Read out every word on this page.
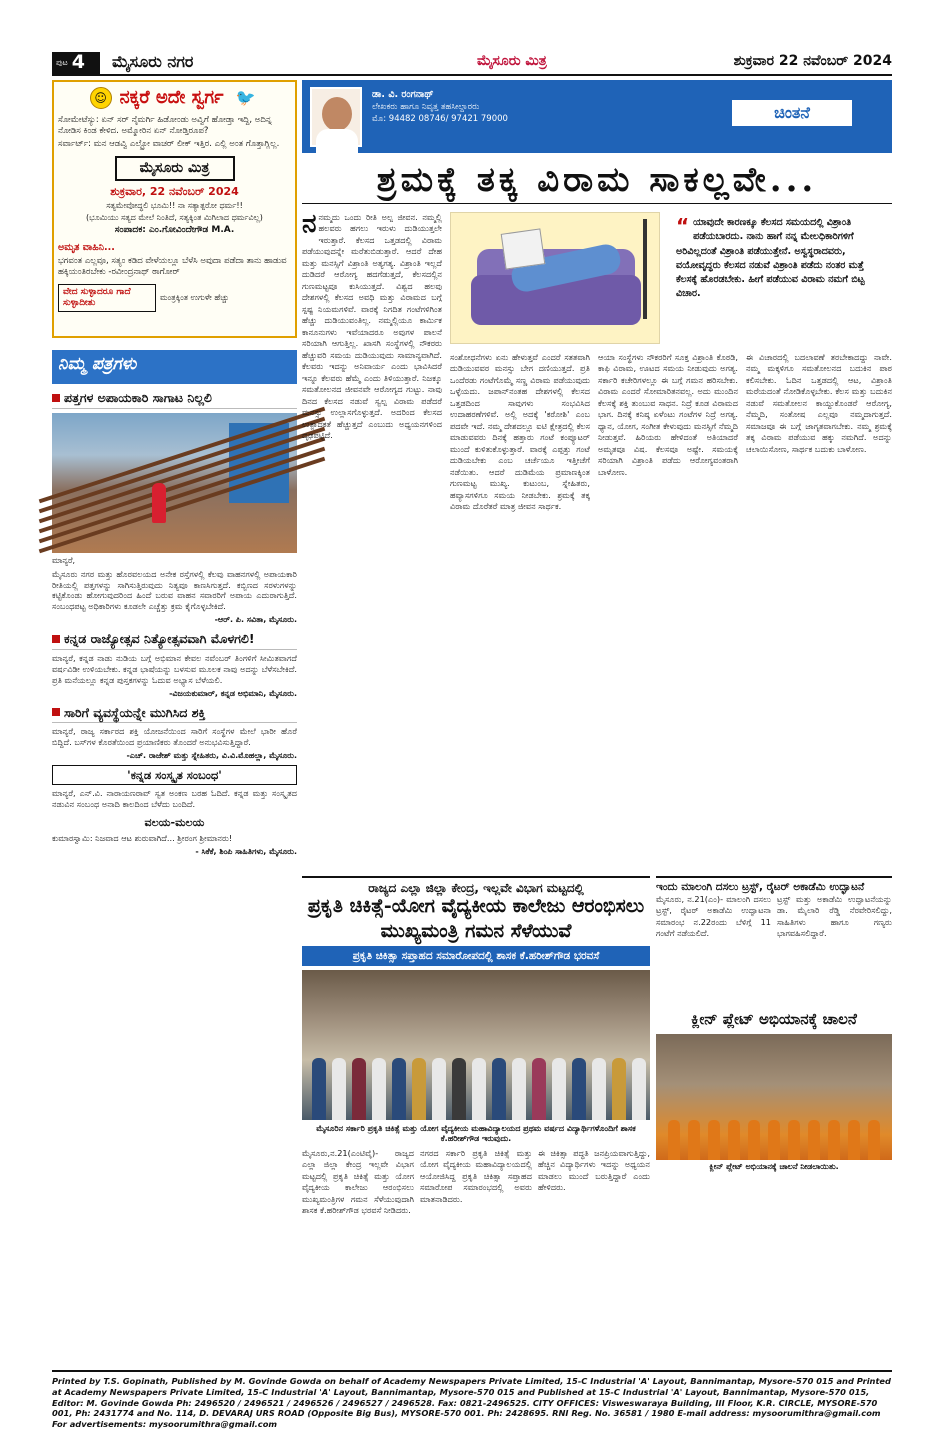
ಪುಟ 4 ಮೈಸೂರು ನಗರ	ಮೈಸೂರು ಮಿತ್ರ	ಶುಕ್ರವಾರ 22 ನವೆಂಬರ್ 2024
☺ ನಕ್ಕರೆ ಅದೇ ಸ್ವರ್ಗ 🐦
ಸೋಮೇಟೆಸ್ಯು: ಏನ್ ಸರ್ ನೈಮರ್ಗಿ ಹಿಡೋಂಡು ಅವ್ವಿಗೆ ಹೋಡ್ತಾ ಇದ್ದಿ, ಅದಿನ್ನ ನೋಡಿಸ ಕಿಂಡ ಕೇಳಿದ. ಅಮ್ಮೋರಿನ ಏನ್ ನೋಡ್ತಿರೂಪ?
ಸರ್ವಾರ್ಟ್‌: ಮನ ಆಡವ್ವಿ ಎಲ್ಟ್ರೋ ವಾಚರ್ ಲೀಕ್ ಇತ್ತಿರ. ಎಲ್ಲಿ ಅಂತ ಗೊತ್ತಾಗ್ಲಿಲ್ಲ.
ಮೈಸೂರು ಮಿತ್ರ
ಶುಕ್ರವಾರ, 22 ನವೆಂಬರ್ 2024
ಸತ್ಯಮೇವೋದ್ಧಲಿ ಭೂಮಿ!! ನಾ ಸತ್ಯಾತ್ಪರೋ ಧರ್ಮ!!
(ಭೂಮಿಯು ಸತ್ಯದ ಮೇಲೆ ನಿಂತಿದೆ, ಸತ್ಯಕ್ಕಿಂತ ಮಿಗಿಲಾದ ಧರ್ಮವಿಲ್ಲ)
ಸಂಪಾದಕ: ಎಂ.ಗೋವಿಂದೇಗೌಡ M.A.
ಅಮೃತ ವಾಹಿನಿ...
ಭಗವಂತ ಎಲ್ಲವೂ, ಸತ್ಯಂ ಕಡಿದ ವೇಳೆಯಲ್ಲೂ ಬೆಳೆಸಿ ಅವುದಾ ಪಡೆದಾ ತಾನು ಹಾಡುವ ಹಕ್ಕಿಯಂತಿರಬೇಕು -ರವೀಂದ್ರನಾಥ್ ಠಾಗೋರ್
ವೇದ ಸುಳ್ಳಾದರೂ ಗಾದೆ ಸುಳ್ಳಾದೀತು
ಮಂತ್ರಕ್ಕಿಂತ ಉಗುಳೇ ಹೆಚ್ಚು
ನಿಮ್ಮ ಪತ್ರಗಳು
ಪತ್ತಗಳ ಅಪಾಯಕಾರಿ ಸಾಗಾಟ ನಿಲ್ಲಲಿ
ಮಾನ್ಯರೆ,
ಮೈಸೂರು ನಗರ ಮತ್ತು ಹೊರವಲಯದ ಅನೇಕ ರಸ್ತೆಗಳಲ್ಲಿ ಕೆಲವು ವಾಹನಗಳಲ್ಲಿ ಅಪಾಯಕಾರಿ ರೀತಿಯಲ್ಲಿ ಪತ್ತಗಳನ್ನು ಸಾಗಿಸುತ್ತಿರುವುದು ನಿತ್ಯವೂ ಕಾಣಸಿಗುತ್ತದೆ. ಕಬ್ಬಿಣದ ಸರಳುಗಳನ್ನು ಕಟ್ಟಿಕೊಂಡು ಹೋಗುವುದರಿಂದ ಹಿಂದೆ ಬರುವ ವಾಹನ ಸವಾರರಿಗೆ ಅಪಾಯ ಎದುರಾಗುತ್ತಿದೆ. ಸಂಬಂಧಪಟ್ಟ ಅಧಿಕಾರಿಗಳು ಕೂಡಲೇ ಎಚ್ಚೆತ್ತು ಕ್ರಮ ಕೈಗೊಳ್ಳಬೇಕಿದೆ.
-ಆರ್‌. ಪಿ. ಸವಿತಾ, ಮೈಸೂರು.
ಕನ್ನಡ ರಾಜ್ಯೋತ್ಸವ ನಿತ್ಯೋತ್ಸವವಾಗಿ ಮೊಳಗಲಿ!
ಮಾನ್ಯರೆ, ಕನ್ನಡ ನಾಡು ನುಡಿಯ ಬಗ್ಗೆ ಅಭಿಮಾನ ಕೇವಲ ನವೆಂಬರ್ ತಿಂಗಳಿಗೆ ಸೀಮಿತವಾಗದೆ ವರ್ಷವಿಡೀ ಉಳಿಯಬೇಕು. ಕನ್ನಡ ಭಾಷೆಯನ್ನು ಬಳಸುವ ಮೂಲಕ ನಾವು ಅದನ್ನು ಬೆಳೆಸಬೇಕಿದೆ. ಪ್ರತಿ ಮನೆಯಲ್ಲೂ ಕನ್ನಡ ಪುಸ್ತಕಗಳನ್ನು ಓದುವ ಅಭ್ಯಾಸ ಬೆಳೆಯಲಿ.
-ವಿಜಯಕುಮಾರ್, ಕನ್ನಡ ಅಭಿಮಾನಿ, ಮೈಸೂರು.
ಸಾರಿಗೆ ವ್ಯವಸ್ಥೆಯನ್ನೇ ಮುಗಿಸಿದ ಶಕ್ತಿ
ಮಾನ್ಯರೆ, ರಾಜ್ಯ ಸರ್ಕಾರದ ಶಕ್ತಿ ಯೋಜನೆಯಿಂದ ಸಾರಿಗೆ ಸಂಸ್ಥೆಗಳ ಮೇಲೆ ಭಾರೀ ಹೊರೆ ಬಿದ್ದಿದೆ. ಬಸ್‌ಗಳ ಕೊರತೆಯಿಂದ ಪ್ರಯಾಣಿಕರು ತೊಂದರೆ ಅನುಭವಿಸುತ್ತಿದ್ದಾರೆ.
-ಎಚ್‌. ರಾಜೇಶ್ ಮತ್ತು ಸ್ನೇಹಿತರು, ವಿ.ವಿ.ಮೊಹಲ್ಲಾ, ಮೈಸೂರು.
'ಕನ್ನಡ ಸಂಸ್ಕೃತ ಸಂಬಂಧ'
ಮಾನ್ಯರೆ, ಎನ್‌.ವಿ. ನಾರಾಯಣರಾವ್ ಸ್ವತ ಅಂಕಣ ಬರಹ ಓದಿದೆ. ಕನ್ನಡ ಮತ್ತು ಸಂಸ್ಕೃತದ ನಡುವಿನ ಸಂಬಂಧ ಅನಾದಿ ಕಾಲದಿಂದ ಬೆಳೆದು ಬಂದಿದೆ.
ವಲಯ-ಮಲಯ
ಕುಮಾರಸ್ವಾಮಿ: ನಿಜವಾದ ಆಟ ಶುರುವಾಗಿದೆ... ಶ್ರೀರಂಗ ಶ್ರೀಮಾನರು!
- ಸಿಕೆಕೆ, ಶಿಂಪಿ ಸಾಹಿತಿಗಳು, ಮೈಸೂರು.
ಡಾ. ವಿ. ರಂಗನಾಥ್
ಲೇಖಕರು ಹಾಗೂ ನಿವೃತ್ತ ತಹಸೀಲ್ದಾರರು
ಮೊ: 94482 08746/ 97421 79000	ಚಿಂತನೆ
ಶ್ರಮಕ್ಕೆ ತಕ್ಕ ವಿರಾಮ ಸಾಕಲ್ಲವೇ...
ನನಮ್ಮದು ಒಂದು ರೀತಿ ಅಲ್ಪ ಜೀವನ. ನಮ್ಮಲ್ಲಿ ಹಲವರು ಹಗಲು ಇರುಳು ದುಡಿಯುತ್ತಲೇ ಇರುತ್ತಾರೆ. ಕೆಲಸದ ಒತ್ತಡದಲ್ಲಿ ವಿರಾಮ ಪಡೆಯುವುದನ್ನೇ ಮರೆತುಬಿಡುತ್ತಾರೆ. ಆದರೆ ದೇಹ ಮತ್ತು ಮನಸ್ಸಿಗೆ ವಿಶ್ರಾಂತಿ ಅತ್ಯಗತ್ಯ. ವಿಶ್ರಾಂತಿ ಇಲ್ಲದೆ ದುಡಿದರೆ ಆರೋಗ್ಯ ಹದಗೆಡುತ್ತದೆ, ಕೆಲಸದಲ್ಲಿನ ಗುಣಮಟ್ಟವೂ ಕುಸಿಯುತ್ತದೆ. ವಿಶ್ವದ ಹಲವು ದೇಶಗಳಲ್ಲಿ ಕೆಲಸದ ಅವಧಿ ಮತ್ತು ವಿರಾಮದ ಬಗ್ಗೆ ಸ್ಪಷ್ಟ ನಿಯಮಗಳಿವೆ. ವಾರಕ್ಕೆ ನಿಗದಿತ ಗಂಟೆಗಳಿಗಿಂತ ಹೆಚ್ಚು ದುಡಿಯುವಂತಿಲ್ಲ. ನಮ್ಮಲ್ಲಿಯೂ ಕಾರ್ಮಿಕ ಕಾನೂನುಗಳು ಇವೆಯಾದರೂ ಅವುಗಳ ಪಾಲನೆ ಸರಿಯಾಗಿ ಆಗುತ್ತಿಲ್ಲ. ಖಾಸಗಿ ಸಂಸ್ಥೆಗಳಲ್ಲಿ ನೌಕರರು ಹೆಚ್ಚುವರಿ ಸಮಯ ದುಡಿಯುವುದು ಸಾಮಾನ್ಯವಾಗಿದೆ. ಕೆಲವರು ಇದನ್ನು ಅನಿವಾರ್ಯ ಎಂದು ಭಾವಿಸಿದರೆ ಇನ್ನೂ ಕೆಲವರು ಹೆಮ್ಮೆ ಎಂದು ತಿಳಿಯುತ್ತಾರೆ. ನಿಜಕ್ಕೂ ಸಮತೋಲನದ ಜೀವನವೇ ಆರೋಗ್ಯದ ಗುಟ್ಟು. ನಾವು ದಿನದ ಕೆಲಸದ ನಡುವೆ ಸ್ವಲ್ಪ ವಿರಾಮ ಪಡೆದರೆ ಮನಸ್ಸು ಉಲ್ಲಾಸಗೊಳ್ಳುತ್ತದೆ. ಅದರಿಂದ ಕೆಲಸದ ಉತ್ಪಾದಕತೆ ಹೆಚ್ಚುತ್ತದೆ ಎಂಬುದು ಅಧ್ಯಯನಗಳಿಂದ ದೃಢಪಟ್ಟಿದೆ.
“ ಯಾವುದೇ ಕಾರಣಕ್ಕೂ ಕೆಲಸದ ಸಮಯದಲ್ಲಿ ವಿಶ್ರಾಂತಿ ಪಡೆಯಬಾರದು. ನಾನು ಹಾಗೆ ನನ್ನ ಮೇಲಧಿಕಾರಿಗಳಿಗೆ ಅರಿವಿಲ್ಲದಂತೆ ವಿಶ್ರಾಂತಿ ಪಡೆಯುತ್ತೇನೆ. ಅಸ್ವಸ್ಥರಾದವರು, ವಯೋವೃದ್ಧರು ಕೆಲಸದ ನಡುವೆ ವಿಶ್ರಾಂತಿ ಪಡೆದು ನಂತರ ಮತ್ತೆ ಕೆಲಸಕ್ಕೆ ಹೊರಡಬೇಕು. ಹೀಗೆ ಪಡೆಯುವ ವಿರಾಮ ನಮಗೆ ಬಿಟ್ಟ ವಿಚಾರ.
ಸಂಶೋಧನೆಗಳು ಏನು ಹೇಳುತ್ತವೆ ಎಂದರೆ ಸತತವಾಗಿ ದುಡಿಯುವವರ ಮನಸ್ಸು ಬೇಗ ದಣಿಯುತ್ತದೆ. ಪ್ರತಿ ಒಂದೆರಡು ಗಂಟೆಗೊಮ್ಮೆ ಸಣ್ಣ ವಿರಾಮ ಪಡೆಯುವುದು ಒಳ್ಳೆಯದು. ಜಪಾನ್‌ನಂತಹ ದೇಶಗಳಲ್ಲಿ ಕೆಲಸದ ಒತ್ತಡದಿಂದ ಸಾವುಗಳು ಸಂಭವಿಸಿದ ಉದಾಹರಣೆಗಳಿವೆ. ಅಲ್ಲಿ ಅದಕ್ಕೆ 'ಕರೋಶಿ' ಎಂಬ ಪದವೇ ಇದೆ. ನಮ್ಮ ದೇಶದಲ್ಲೂ ಐಟಿ ಕ್ಷೇತ್ರದಲ್ಲಿ ಕೆಲಸ ಮಾಡುವವರು ದಿನಕ್ಕೆ ಹತ್ತಾರು ಗಂಟೆ ಕಂಪ್ಯೂಟರ್ ಮುಂದೆ ಕುಳಿತುಕೊಳ್ಳುತ್ತಾರೆ. ವಾರಕ್ಕೆ ಎಪ್ಪತ್ತು ಗಂಟೆ ದುಡಿಯಬೇಕು ಎಂಬ ಚರ್ಚೆಯೂ ಇತ್ತೀಚೆಗೆ ನಡೆಯಿತು. ಆದರೆ ದುಡಿಮೆಯ ಪ್ರಮಾಣಕ್ಕಿಂತ ಗುಣಮಟ್ಟ ಮುಖ್ಯ. ಕುಟುಂಬ, ಸ್ನೇಹಿತರು, ಹವ್ಯಾಸಗಳಿಗೂ ಸಮಯ ನೀಡಬೇಕು. ಶ್ರಮಕ್ಕೆ ತಕ್ಕ ವಿರಾಮ ದೊರೆತರೆ ಮಾತ್ರ ಜೀವನ ಸಾರ್ಥಕ.
ಆಯಾ ಸಂಸ್ಥೆಗಳು ನೌಕರರಿಗೆ ಸೂಕ್ತ ವಿಶ್ರಾಂತಿ ಕೊಠಡಿ, ಕಾಫಿ ವಿರಾಮ, ಊಟದ ಸಮಯ ನೀಡುವುದು ಅಗತ್ಯ. ಸರ್ಕಾರಿ ಕಚೇರಿಗಳಲ್ಲೂ ಈ ಬಗ್ಗೆ ಗಮನ ಹರಿಸಬೇಕು. ವಿರಾಮ ಎಂದರೆ ಸೋಮಾರಿತನವಲ್ಲ. ಅದು ಮುಂದಿನ ಕೆಲಸಕ್ಕೆ ಶಕ್ತಿ ತುಂಬುವ ಸಾಧನ. ನಿದ್ರೆ ಕೂಡ ವಿರಾಮದ ಭಾಗ. ದಿನಕ್ಕೆ ಕನಿಷ್ಠ ಏಳೆಂಟು ಗಂಟೆಗಳ ನಿದ್ರೆ ಅಗತ್ಯ. ಧ್ಯಾನ, ಯೋಗ, ಸಂಗೀತ ಕೇಳುವುದು ಮನಸ್ಸಿಗೆ ನೆಮ್ಮದಿ ನೀಡುತ್ತವೆ. ಹಿರಿಯರು ಹೇಳಿದಂತೆ ಅತಿಯಾದರೆ ಅಮೃತವೂ ವಿಷ. ಕೆಲಸವೂ ಅಷ್ಟೇ. ಸಮಯಕ್ಕೆ ಸರಿಯಾಗಿ ವಿಶ್ರಾಂತಿ ಪಡೆದು ಆರೋಗ್ಯವಂತರಾಗಿ ಬಾಳೋಣ.
ಈ ವಿಚಾರದಲ್ಲಿ ಬದಲಾವಣೆ ತರಬೇಕಾದದ್ದು ನಾವೇ. ನಮ್ಮ ಮಕ್ಕಳಿಗೂ ಸಮತೋಲನದ ಬದುಕಿನ ಪಾಠ ಕಲಿಸಬೇಕು. ಓದಿನ ಒತ್ತಡದಲ್ಲಿ ಆಟ, ವಿಶ್ರಾಂತಿ ಮರೆಯದಂತೆ ನೋಡಿಕೊಳ್ಳಬೇಕು. ಕೆಲಸ ಮತ್ತು ಬದುಕಿನ ನಡುವೆ ಸಮತೋಲನ ಕಾಯ್ದುಕೊಂಡರೆ ಆರೋಗ್ಯ, ನೆಮ್ಮದಿ, ಸಂತೋಷ ಎಲ್ಲವೂ ನಮ್ಮದಾಗುತ್ತದೆ. ಸಮಾಜವೂ ಈ ಬಗ್ಗೆ ಜಾಗೃತವಾಗಬೇಕು. ನಮ್ಮ ಶ್ರಮಕ್ಕೆ ತಕ್ಕ ವಿರಾಮ ಪಡೆಯುವ ಹಕ್ಕು ನಮಗಿದೆ. ಅದನ್ನು ಚಲಾಯಿಸೋಣ, ಸಾರ್ಥಕ ಬದುಕು ಬಾಳೋಣ.
ರಾಜ್ಯದ ಎಲ್ಲಾ ಜಿಲ್ಲಾ ಕೇಂದ್ರ, ಇಲ್ಲವೇ ವಿಭಾಗ ಮಟ್ಟದಲ್ಲಿ
ಪ್ರಕೃತಿ ಚಿಕಿತ್ಸೆ-ಯೋಗ ವೈದ್ಯಕೀಯ ಕಾಲೇಜು ಆರಂಭಿಸಲು ಮುಖ್ಯಮಂತ್ರಿ ಗಮನ ಸೆಳೆಯುವೆ
ಪ್ರಕೃತಿ ಚಿಕಿತ್ಸಾ ಸಪ್ತಾಹದ ಸಮಾರೋಪದಲ್ಲಿ ಶಾಸಕ ಕೆ.ಹರೀಶ್‌ಗೌಡ ಭರವಸೆ
ಮೈಸೂರಿನ ಸರ್ಕಾರಿ ಪ್ರಕೃತಿ ಚಿಕಿತ್ಸೆ ಮತ್ತು ಯೋಗ ವೈದ್ಯಕೀಯ ಮಹಾವಿದ್ಯಾಲಯದ ಪ್ರಥಮ ವರ್ಷದ ವಿದ್ಯಾರ್ಥಿಗಳೊಂದಿಗೆ ಶಾಸಕ ಕೆ.ಹರೀಶ್‌ಗೌಡ ಇರುವುದು.
ಮೈಸೂರು,ನ.21(ಎಂಟಿವೈ)- ರಾಜ್ಯದ ಎಲ್ಲಾ ಜಿಲ್ಲಾ ಕೇಂದ್ರ ಇಲ್ಲವೇ ವಿಭಾಗ ಮಟ್ಟದಲ್ಲಿ ಪ್ರಕೃತಿ ಚಿಕಿತ್ಸೆ ಮತ್ತು ಯೋಗ ವೈದ್ಯಕೀಯ ಕಾಲೇಜು ಆರಂಭಿಸಲು ಮುಖ್ಯಮಂತ್ರಿಗಳ ಗಮನ ಸೆಳೆಯುವುದಾಗಿ ಶಾಸಕ ಕೆ.ಹರೀಶ್‌ಗೌಡ ಭರವಸೆ ನೀಡಿದರು.
ನಗರದ ಸರ್ಕಾರಿ ಪ್ರಕೃತಿ ಚಿಕಿತ್ಸೆ ಮತ್ತು ಯೋಗ ವೈದ್ಯಕೀಯ ಮಹಾವಿದ್ಯಾಲಯದಲ್ಲಿ ಆಯೋಜಿಸಿದ್ದ ಪ್ರಕೃತಿ ಚಿಕಿತ್ಸಾ ಸಪ್ತಾಹದ ಸಮಾರೋಪ ಸಮಾರಂಭದಲ್ಲಿ ಅವರು ಮಾತನಾಡಿದರು.
ಈ ಚಿಕಿತ್ಸಾ ಪದ್ಧತಿ ಜನಪ್ರಿಯವಾಗುತ್ತಿದ್ದು, ಹೆಚ್ಚಿನ ವಿದ್ಯಾರ್ಥಿಗಳು ಇದನ್ನು ಅಧ್ಯಯನ ಮಾಡಲು ಮುಂದೆ ಬರುತ್ತಿದ್ದಾರೆ ಎಂದು ಹೇಳಿದರು.
ಇಂದು ಮಾಲಂಗಿ ದಸಲು ಟ್ರಸ್ಟ್, ರೈಟರ್ ಅಕಾಡೆಮಿ ಉದ್ಘಾಟನೆ
ಮೈಸೂರು, ನ.21(ಎಂ)- ಮಾಲಂಗಿ ದಸಲು ಟ್ರಸ್ಟ್, ರೈಟರ್ ಅಕಾಡೆಮಿ ಉದ್ಘಾಟನಾ ಸಮಾರಂಭ ನ.22ರಂದು ಬೆಳಿಗ್ಗೆ 11 ಗಂಟೆಗೆ ನಡೆಯಲಿದೆ.
ಟ್ರಸ್ಟ್ ಮತ್ತು ಅಕಾಡೆಮಿ ಉದ್ಘಾಟನೆಯನ್ನು ಡಾ. ಮೈಲಾರಿ ರೆಡ್ಡಿ ನೆರವೇರಿಸಲಿದ್ದು, ಸಾಹಿತಿಗಳು ಹಾಗೂ ಗಣ್ಯರು ಭಾಗವಹಿಸಲಿದ್ದಾರೆ.
ಕ್ಲೀನ್ ಪ್ಲೇಟ್ ಅಭಿಯಾನಕ್ಕೆ ಚಾಲನೆ
ಕ್ಲೀನ್ ಪ್ಲೇಟ್ ಅಭಿಯಾನಕ್ಕೆ ಚಾಲನೆ ನೀಡಲಾಯಿತು.
Printed by T.S. Gopinath, Published by M. Govinde Gowda on behalf of Academy Newspapers Private Limited, 15-C Industrial 'A' Layout, Bannimantap, Mysore-570 015 and Printed at Academy Newspapers Private Limited, 15-C Industrial 'A' Layout, Bannimantap, Mysore-570 015 and Published at 15-C Industrial 'A' Layout, Bannimantap, Mysore-570 015, Editor: M. Govinde Gowda Ph: 2496520 / 2496521 / 2496526 / 2496527 / 2496528. Fax: 0821-2496525. CITY OFFICES: Visweswaraya Building, III Floor, K.R. CIRCLE, MYSORE-570 001, Ph: 2431774 and No. 114, D. DEVARAJ URS ROAD (Opposite Big Bus), MYSORE-570 001. Ph: 2428695. RNI Reg. No. 36581 / 1980 E-mail address: mysoorumithra@gmail.com For advertisements: mysoorumithra@gmail.com
